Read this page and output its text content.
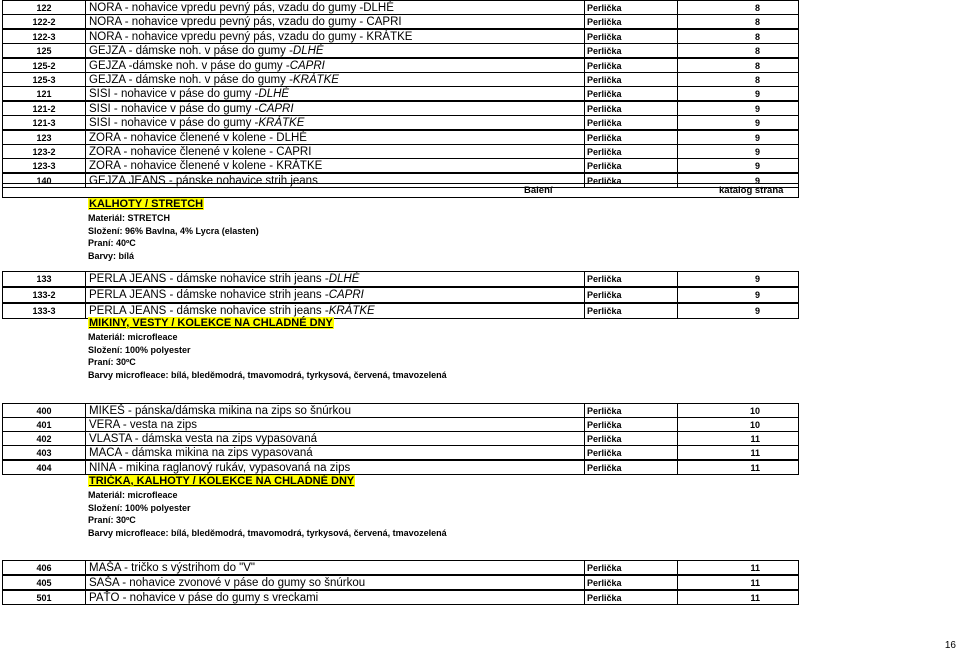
122	NORA - nohavice vpredu pevný pás, vzadu do gumy - DLHÉ	Perlička	8
122-2	NORA - nohavice vpredu pevný pás, vzadu do gumy - CAPRI	Perlička	8
122-3	NORA - nohavice vpredu pevný pás, vzadu do gumy - KRÁTKE	Perlička	8
125	GEJZA - dámske noh. v páse do gumy - DLHÉ	Perlička	8
125-2	GEJZA -dámske noh. v páse do gumy - CAPRI	Perlička	8
125-3	GEJZA - dámske noh. v páse do gumy - KRÁTKE	Perlička	8
121	SISI - nohavice v páse do gumy - DLHÉ	Perlička	9
121-2	SISI - nohavice v páse do gumy - CAPRI	Perlička	9
121-3	SISI - nohavice v páse do gumy - KRÁTKE	Perlička	9
123	ZORA - nohavice členené v kolene - DLHÉ	Perlička	9
123-2	ZORA - nohavice členené v kolene - CAPRI	Perlička	9
123-3	ZORA - nohavice členené v kolene - KRÁTKE	Perlička	9
140	GEJZA JEANS - pánske nohavice strih jeans	Perlička	9
133	PERLA JEANS - dámske nohavice strih jeans - DLHÉ	Perlička	9
133-2	PERLA JEANS - dámske nohavice strih jeans - CAPRI	Perlička	9
133-3	PERLA JEANS - dámske nohavice strih jeans - KRÁTKE	Perlička	9
400	MIKEŠ - pánska/dámska mikina na zips so šnúrkou	Perlička	10
401	VERA - vesta na zips	Perlička	10
402	VLASTA - dámska vesta na zips vypasovaná	Perlička	11
403	MACA - dámska mikina na zips vypasovaná	Perlička	11
404	NINA - mikina raglanový rukáv, vypasovaná na zips	Perlička	11
406	MAŠA - tričko s výstrihom do "V"	Perlička	11
405	SAŠA - nohavice zvonové v páse do gumy so šnúrkou	Perlička	11
501	PAŤO - nohavice v páse do gumy s vreckami	Perlička	11
Balení	katalog strana
KALHOTY / STRETCH
Materiál: STRETCH
Složení: 96% Bavlna, 4% Lycra (elasten)
Praní: 40ºC
Barvy: bílá
MIKINY, VESTY / KOLEKCE NA CHLADNÉ DNY
Materiál: microfleace
Složení: 100% polyester
Praní: 30ºC
Barvy microfleace: bílá, bleděmodrá, tmavomodrá, tyrkysová, červená, tmavozelená
TRIČKA, KALHOTY / KOLEKCE NA CHLADNÉ DNY
Materiál: microfleace
Složení: 100% polyester
Praní: 30ºC
Barvy microfleace: bílá, bleděmodrá, tmavomodrá, tyrkysová, červená, tmavozelená
16
